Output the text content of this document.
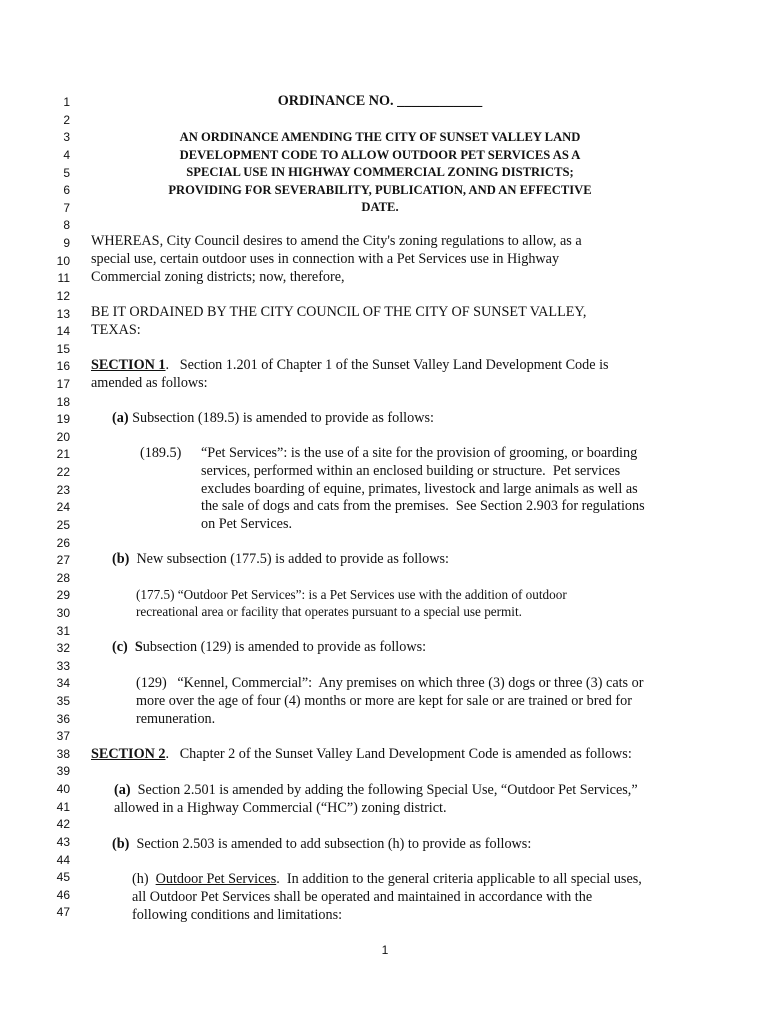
1
2
3
4
5
6
7
8
9
10
11
12
13
14
15
16
17
18
19
20
21
22
23
24
25
26
27
28
29
30
31
32
33
34
35
36
37
38
39
40
41
42
43
44
45
46
47
ORDINANCE NO. ____________
AN ORDINANCE AMENDING THE CITY OF SUNSET VALLEY LAND
DEVELOPMENT CODE TO ALLOW OUTDOOR PET SERVICES AS A
SPECIAL USE IN HIGHWAY COMMERCIAL ZONING DISTRICTS;
PROVIDING FOR SEVERABILITY, PUBLICATION, AND AN EFFECTIVE
DATE.
WHEREAS, City Council desires to amend the City's zoning regulations to allow, as a
special use, certain outdoor uses in connection with a Pet Services use in Highway
Commercial zoning districts; now, therefore,
BE IT ORDAINED BY THE CITY COUNCIL OF THE CITY OF SUNSET VALLEY,
TEXAS:
SECTION 1.   Section 1.201 of Chapter 1 of the Sunset Valley Land Development Code is
amended as follows:
(a) Subsection (189.5) is amended to provide as follows:
(189.5) “Pet Services”: is the use of a site for the provision of grooming, or boarding
services, performed within an enclosed building or structure.  Pet services
excludes boarding of equine, primates, livestock and large animals as well as
the sale of dogs and cats from the premises.  See Section 2.903 for regulations
on Pet Services.
(b)  New subsection (177.5) is added to provide as follows:
(177.5) “Outdoor Pet Services”: is a Pet Services use with the addition of outdoor
recreational area or facility that operates pursuant to a special use permit.
(c)  Subsection (129) is amended to provide as follows:
(129)   “Kennel, Commercial”:  Any premises on which three (3) dogs or three (3) cats or
more over the age of four (4) months or more are kept for sale or are trained or bred for
remuneration.
SECTION 2.   Chapter 2 of the Sunset Valley Land Development Code is amended as follows:
(a)  Section 2.501 is amended by adding the following Special Use, “Outdoor Pet Services,”
allowed in a Highway Commercial (“HC”) zoning district.
(b)  Section 2.503 is amended to add subsection (h) to provide as follows:
(h)  Outdoor Pet Services.  In addition to the general criteria applicable to all special uses,
all Outdoor Pet Services shall be operated and maintained in accordance with the
following conditions and limitations:
1
